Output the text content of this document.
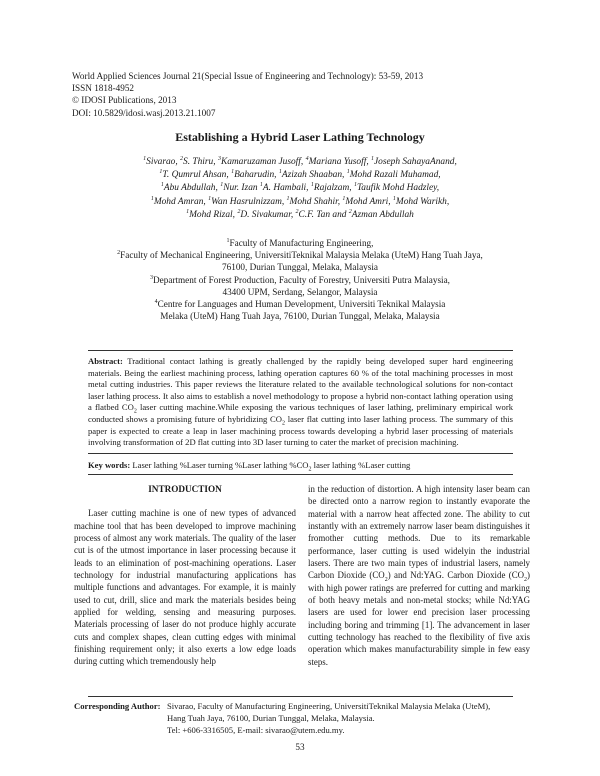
World Applied Sciences Journal 21(Special Issue of Engineering and Technology): 53-59, 2013
ISSN 1818-4952
© IDOSI Publications, 2013
DOI: 10.5829/idosi.wasj.2013.21.1007
Establishing a Hybrid Laser Lathing Technology
$^1$Sivarao, $^2$S. Thiru, $^3$Kamaruzaman Jusoff, $^4$Mariana Yusoff, $^1$Joseph SahayaAnand,
$^1$T. Qumrul Ahsan, $^1$Baharudin, $^1$Azizah Shaaban, $^1$Mohd Razali Muhamad,
$^1$Abu Abdullah, $^1$Nur. Izan $^1$A. Hambali, $^1$Rajalzam, $^1$Taufik Mohd Hadzley,
$^1$Mohd Amran, $^1$Wan Hasrulnizzam, $^1$Mohd Shahir, $^1$Mohd Amri, $^1$Mohd Warikh,
$^1$Mohd Rizal, $^2$D. Sivakumar, $^2$C.F. Tan and $^2$Azman Abdullah
$^1$Faculty of Manufacturing Engineering,
$^2$Faculty of Mechanical Engineering, UniversitiTeknikal Malaysia Melaka (UteM) Hang Tuah Jaya,
76100, Durian Tunggal, Melaka, Malaysia
$^3$Department of Forest Production, Faculty of Forestry, Universiti Putra Malaysia,
43400 UPM, Serdang, Selangor, Malaysia
$^4$Centre for Languages and Human Development, Universiti Teknikal Malaysia
Melaka (UteM) Hang Tuah Jaya, 76100, Durian Tunggal, Melaka, Malaysia
Abstract: Traditional contact lathing is greatly challenged by the rapidly being developed super hard engineering materials. Being the earliest machining process, lathing operation captures 60 % of the total machining processes in most metal cutting industries. This paper reviews the literature related to the available technological solutions for non-contact laser lathing process. It also aims to establish a novel methodology to propose a hybrid non-contact lathing operation using a flatbed $CO_2$ laser cutting machine.While exposing the various techniques of laser lathing, preliminary empirical work conducted shows a promising future of hybridizing $CO_2$ laser flat cutting into laser lathing process. The summary of this paper is expected to create a leap in laser machining process towards developing a hybrid laser processing of materials involving transformation of 2D flat cutting into 3D laser turning to cater the market of precision machining.
Key words: Laser lathing %Laser turning %Laser lathing $\%CO_2$ laser lathing %Laser cutting
INTRODUCTION
Laser cutting machine is one of new types of advanced machine tool that has been developed to improve machining process of almost any work materials. The quality of the laser cut is of the utmost importance in laser processing because it leads to an elimination of post-machining operations. Laser technology for industrial manufacturing applications has multiple functions and advantages. For example, it is mainly used to cut, drill, slice and mark the materials besides being applied for welding, sensing and measuring purposes. Materials processing of laser do not produce highly accurate cuts and complex shapes, clean cutting edges with minimal finishing requirement only; it also exerts a low edge loads during cutting which tremendously help
in the reduction of distortion. A high intensity laser beam can be directed onto a narrow region to instantly evaporate the material with a narrow heat affected zone. The ability to cut instantly with an extremely narrow laser beam distinguishes it fromother cutting methods. Due to its remarkable performance, laser cutting is used widelyin the industrial lasers. There are two main types of industrial lasers, namely Carbon Dioxide $(CO_2)$ and Nd:YAG. Carbon Dioxide $(CO_2)$ with high power ratings are preferred for cutting and marking of both heavy metals and non-metal stocks; while Nd:YAG lasers are used for lower end precision laser processing including boring and trimming [1]. The advancement in laser cutting technology has reached to the flexibility of five axis operation which makes manufacturability simple in few easy steps.
Corresponding Author: Sivarao, Faculty of Manufacturing Engineering, UniversitiTeknikal Malaysia Melaka (UteM),
Hang Tuah Jaya, 76100, Durian Tunggal, Melaka, Malaysia.
Tel: +606-3316505, E-mail: sivarao@utem.edu.my.
53
